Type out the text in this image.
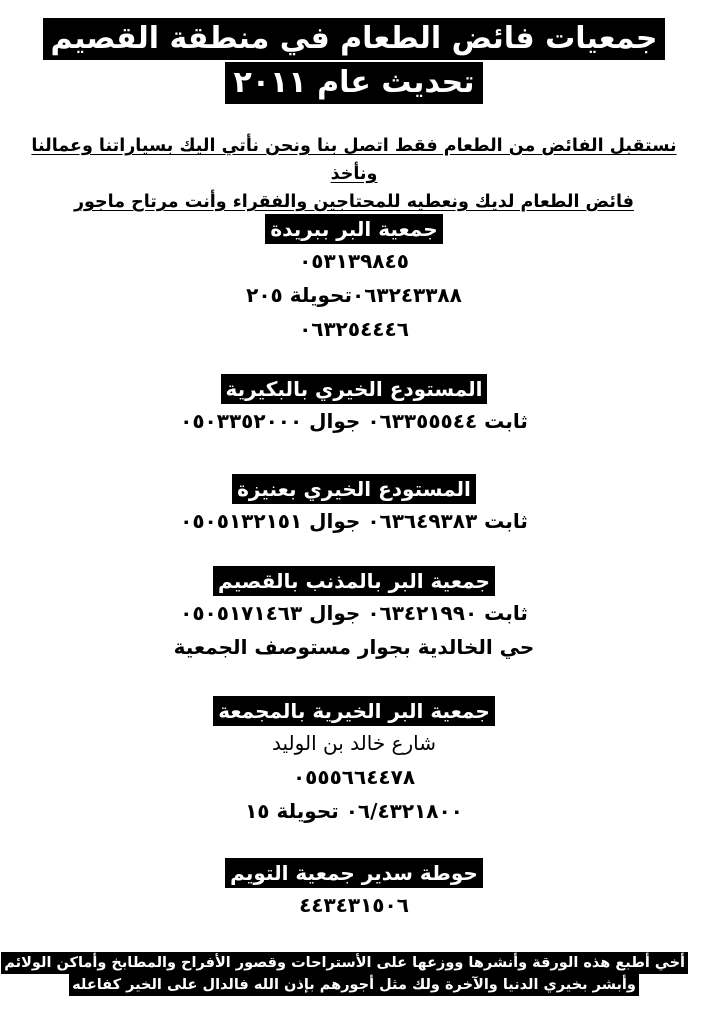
جمعيات فائض الطعام في منطقة القصيم
تحديث عام ٢٠١١
نستقبل الفائض من الطعام فقط اتصل بنا ونحن نأتي اليك بسياراتنا وعمالنا ونأخذ
فائض الطعام لديك ونعطيه للمحتاجين والفقراء وأنت مرتاح ماجور
جمعية البر ببريدة
٠٥٣١٣٩٨٤٥
٠٦٣٢٤٣٣٨٨تحويلة ٢٠٥
٠٦٣٢٥٤٤٤٦
المستودع الخيري بالبكيرية
ثابت ٠٦٣٣٥٥٥٤٤ جوال ٠٥٠٣٣٥٢٠٠٠
المستودع الخيري بعنيزة
ثابت ٠٦٣٦٤٩٣٨٣ جوال ٠٥٠٥١٣٢١٥١
جمعية البر بالمذنب بالقصيم
ثابت ٠٦٣٤٢١٩٩٠ جوال ٠٥٠٥١٧١٤٦٣
حي الخالدية بجوار مستوصف الجمعية
جمعية البر الخيرية بالمجمعة
شارع خالد بن الوليد
٠٥٥٥٦٦٤٤٧٨
٠٦/٤٣٢١٨٠٠ تحويلة ١٥
حوطة سدير جمعية التويم
٤٤٣٤٣١٥٠٦
أخي أطبع هذه الورقة وأنشرها ووزعها على الأستراحات وقصور الأفراح والمطابخ وأماكن الولائم
وأبشر بخيري الدنيا والآخرة ولك مثل أجورهم بإذن الله فالدال على الخير كفاعله
